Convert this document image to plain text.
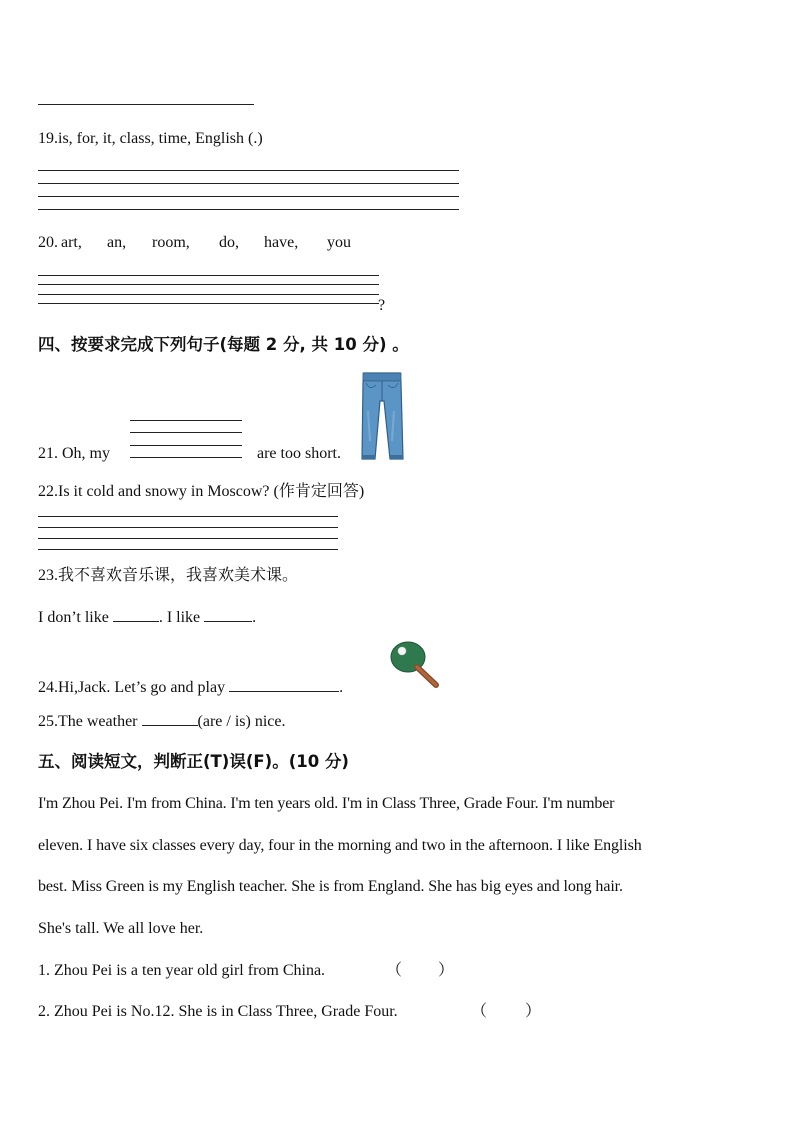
19.is, for, it, class, time, English (.)
20. art, an, room, do, have, you
?
四、按要求完成下列句子(每题 2 分, 共 10 分) 。
21. Oh, my	are too short.
22.Is it cold and snowy in Moscow? (作肯定回答)
23.我不喜欢音乐课，我喜欢美术课。
I don’t like	. I like	.
24.Hi,Jack. Let’s go and play	.
25.The weather	(are / is) nice.
五、阅读短文，判断正(T)误(F)。(10 分)
I'm Zhou Pei. I'm from China. I'm ten years old. I'm in Class Three, Grade Four. I'm number
eleven. I have six classes every day, four in the morning and two in the afternoon. I like English
best. Miss Green is my English teacher. She is from England. She has big eyes and long hair.
She's tall. We all love her.
1. Zhou Pei is a ten year old girl from China.	（ ）
2. Zhou Pei is No.12. She is in Class Three, Grade Four.	（ ）
